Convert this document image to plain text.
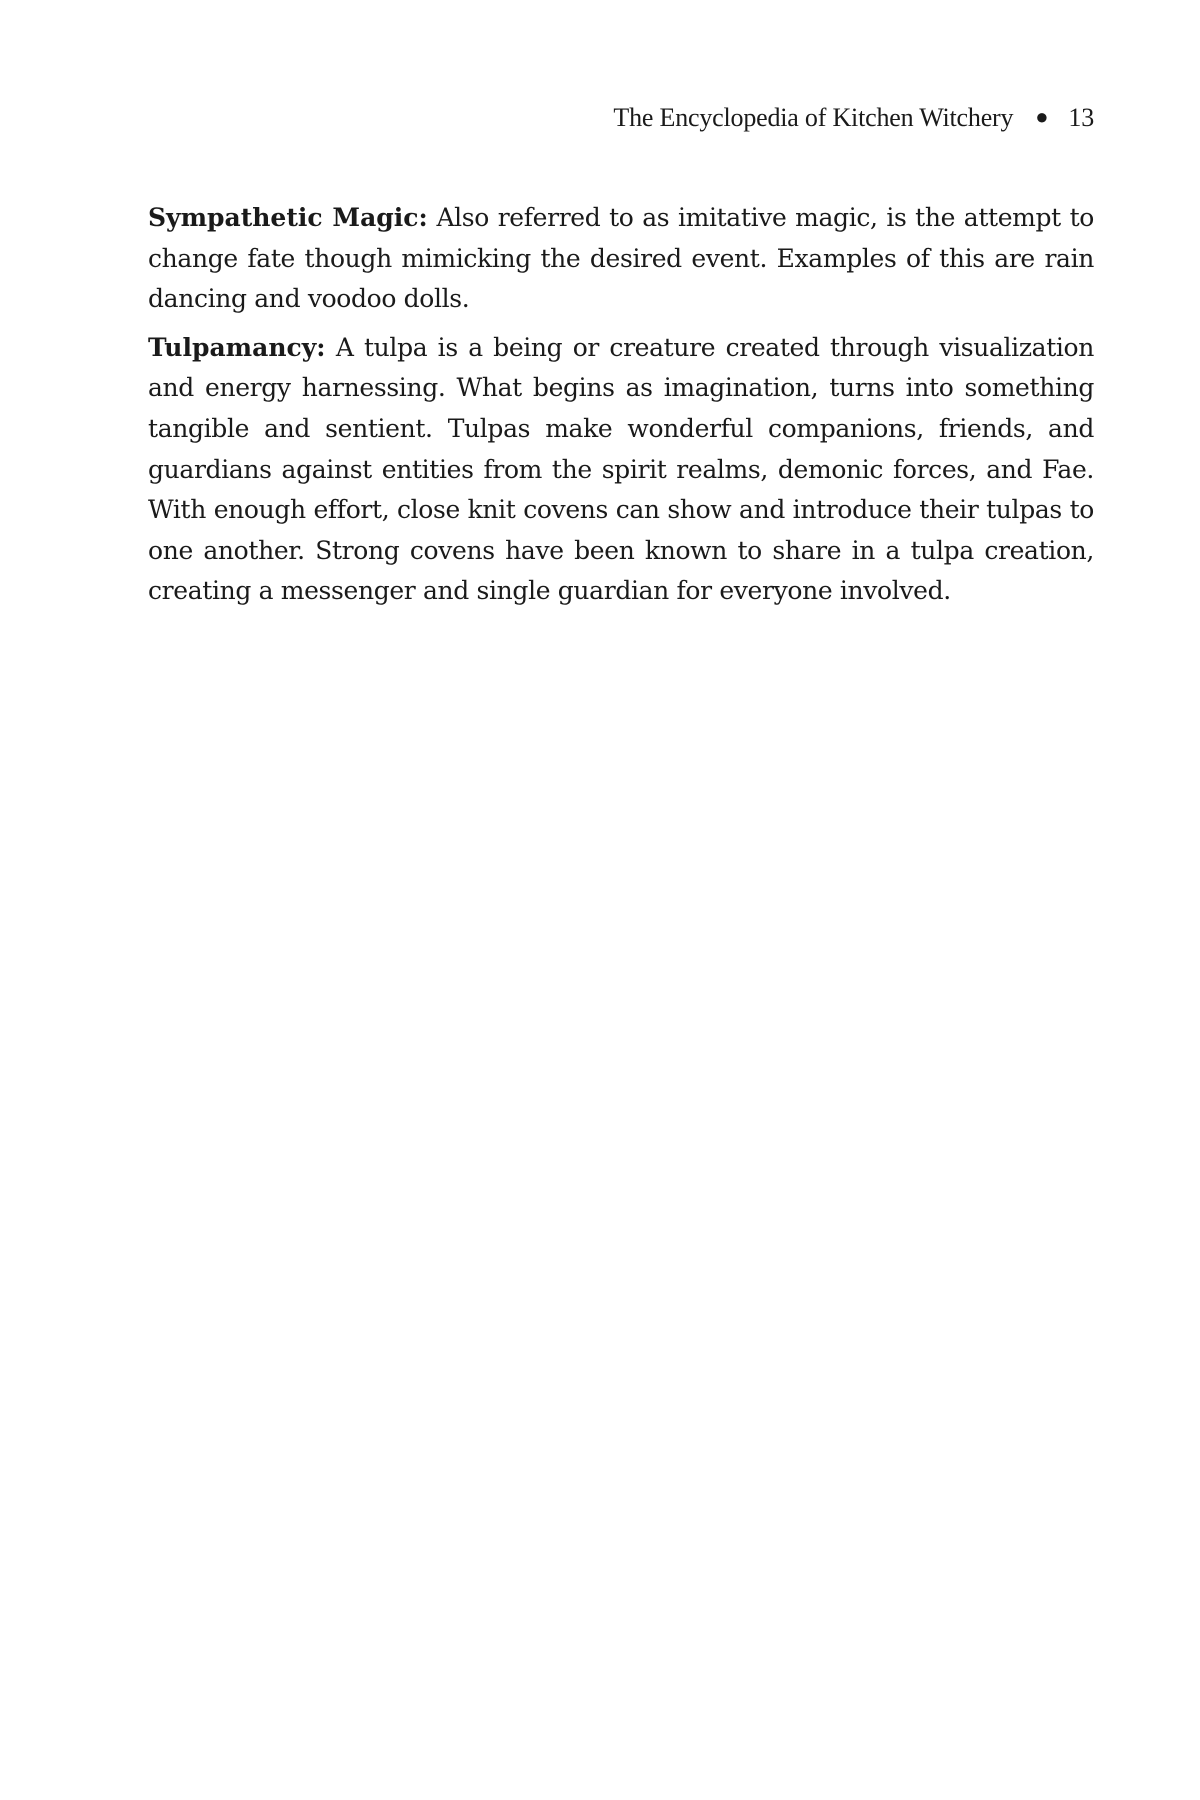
The Encyclopedia of Kitchen Witchery ● 13

Sympathetic Magic: Also referred to as imitative magic, is the attempt to change fate though mimicking the desired event. Examples of this are rain dancing and voodoo dolls.

Tulpamancy: A tulpa is a being or creature created through visualization and energy harnessing. What begins as imagination, turns into something tangible and sentient. Tulpas make wonderful companions, friends, and guardians against entities from the spirit realms, demonic forces, and Fae. With enough effort, close knit covens can show and introduce their tulpas to one another. Strong covens have been known to share in a tulpa creation, creating a messenger and single guardian for everyone involved.
